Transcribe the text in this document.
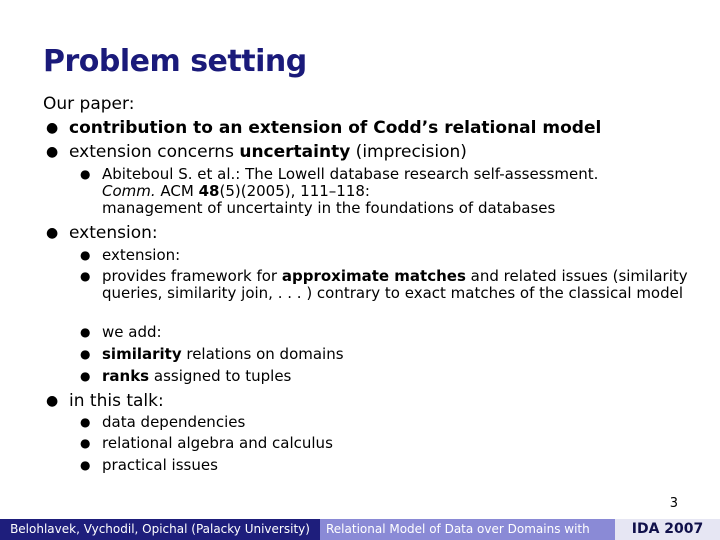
Problem setting
Our paper:
● contribution to an extension of Codd’s relational model
● extension concerns uncertainty (imprecision)
● Abiteboul S. et al.: The Lowell database research self-assessment.
Comm. ACM 48(5)(2005), 111–118:
management of uncertainty in the foundations of databases
● extension:
● extension:
● provides framework for approximate matches and related issues (similarity queries, similarity join, . . . ) contrary to exact matches of the classical model
● we add:
● similarity relations on domains
● ranks assigned to tuples
● in this talk:
● data dependencies
● relational algebra and calculus
● practical issues
3
Belohlavek, Vychodil, Opichal (Palacky University)	Relational Model of Data over Domains with	IDA 2007
